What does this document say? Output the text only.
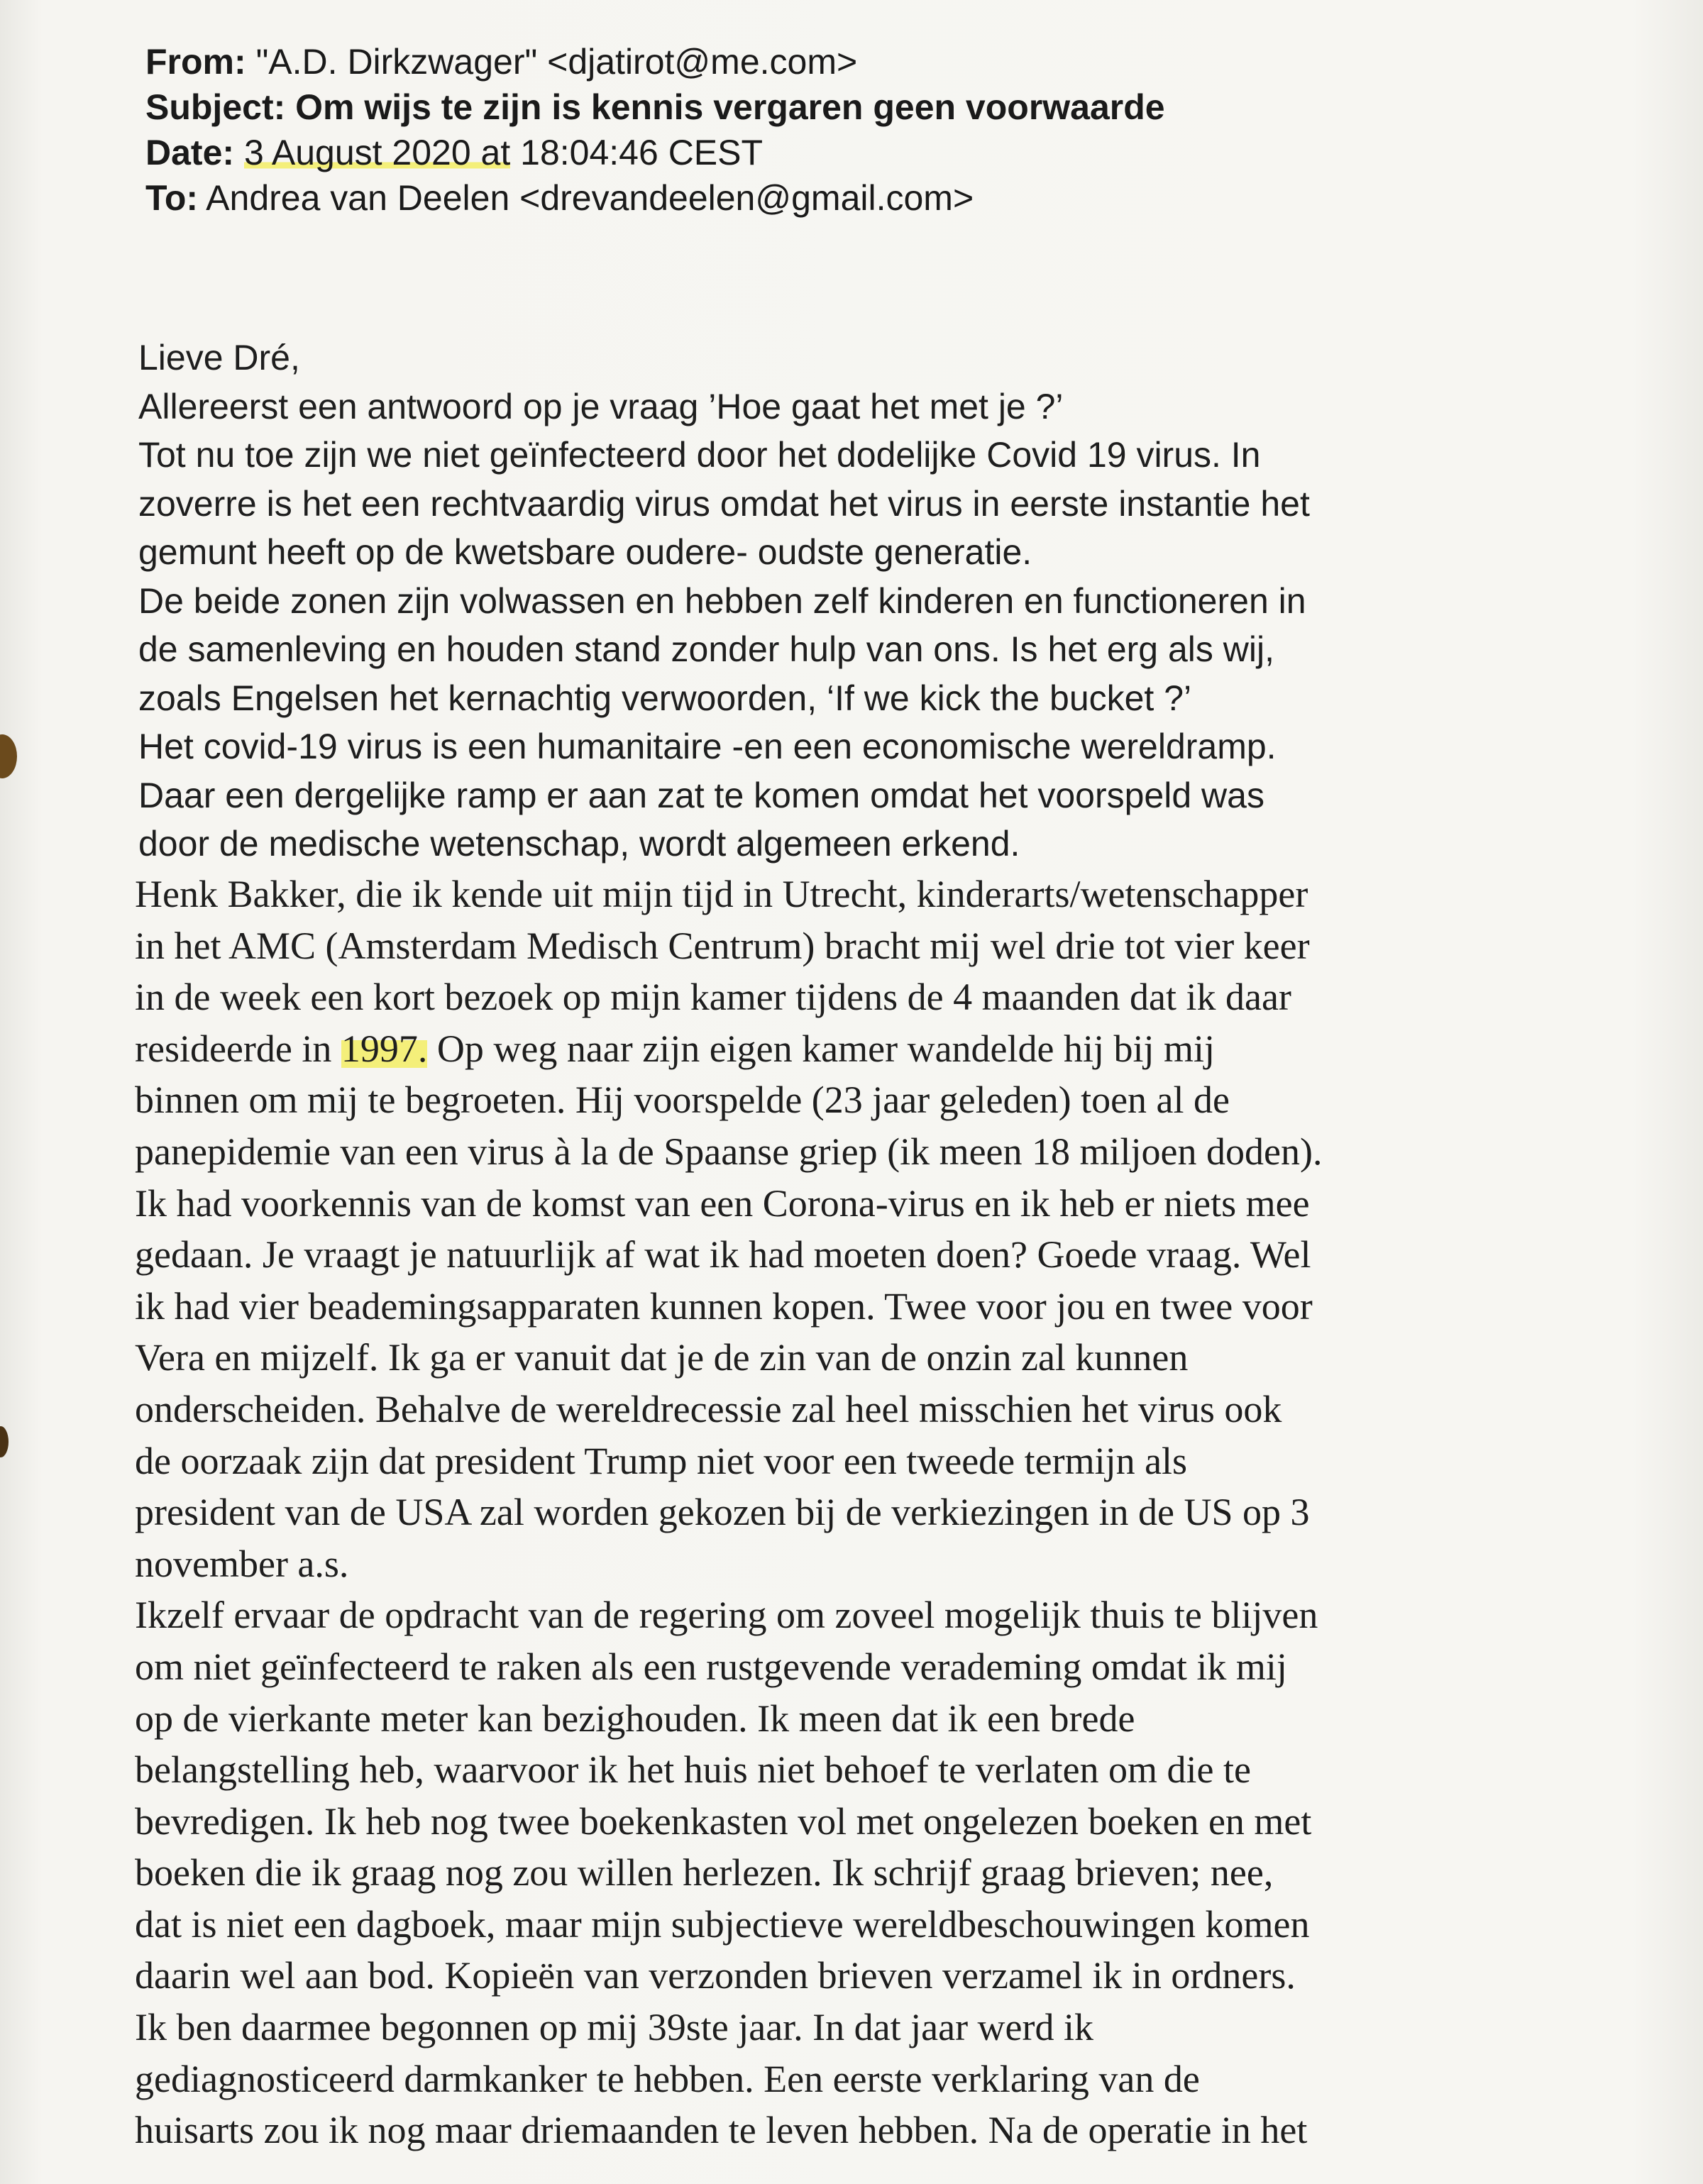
From: "A.D. Dirkzwager" <djatirot@me.com>
Subject: Om wijs te zijn is kennis vergaren geen voorwaarde
Date: 3 August 2020 at 18:04:46 CEST
To: Andrea van Deelen <drevandeelen@gmail.com>
Lieve Dré,
Allereerst een antwoord op je vraag ’Hoe gaat het met je ?’
Tot nu toe zijn we niet geïnfecteerd door het dodelijke Covid 19 virus. In
zoverre is het een rechtvaardig virus omdat het virus in eerste instantie het
gemunt heeft op de kwetsbare oudere- oudste generatie.
De beide zonen zijn volwassen en hebben zelf kinderen en functioneren in
de samenleving en houden stand zonder hulp van ons. Is het erg als wij,
zoals Engelsen het kernachtig verwoorden, ‘If we kick the bucket ?’
Het covid-19 virus is een humanitaire -en een economische wereldramp.
Daar een dergelijke ramp er aan zat te komen omdat het voorspeld was
door de medische wetenschap, wordt algemeen erkend.
Henk Bakker, die ik kende uit mijn tijd in Utrecht, kinderarts/wetenschapper
in het AMC (Amsterdam Medisch Centrum) bracht mij wel drie tot vier keer
in de week een kort bezoek op mijn kamer tijdens de 4 maanden dat ik daar
resideerde in 1997. Op weg naar zijn eigen kamer wandelde hij bij mij
binnen om mij te begroeten. Hij voorspelde (23 jaar geleden) toen al de
panepidemie van een virus à la de Spaanse griep (ik meen 18 miljoen doden).
Ik had voorkennis van de komst van een Corona-virus en ik heb er niets mee
gedaan. Je vraagt je natuurlijk af wat ik had moeten doen? Goede vraag. Wel
ik had vier beademingsapparaten kunnen kopen. Twee voor jou en twee voor
Vera en mijzelf. Ik ga er vanuit dat je de zin van de onzin zal kunnen
onderscheiden. Behalve de wereldrecessie zal heel misschien het virus ook
de oorzaak zijn dat president Trump niet voor een tweede termijn als
president van de USA zal worden gekozen bij de verkiezingen in de US op 3
november a.s.
Ikzelf ervaar de opdracht van de regering om zoveel mogelijk thuis te blijven
om niet geïnfecteerd te raken als een rustgevende verademing omdat ik mij
op de vierkante meter kan bezighouden. Ik meen dat ik een brede
belangstelling heb, waarvoor ik het huis niet behoef te verlaten om die te
bevredigen. Ik heb nog twee boekenkasten vol met ongelezen boeken en met
boeken die ik graag nog zou willen herlezen. Ik schrijf graag brieven; nee,
dat is niet een dagboek, maar mijn subjectieve wereldbeschouwingen komen
daarin wel aan bod. Kopieën van verzonden brieven verzamel ik in ordners.
Ik ben daarmee begonnen op mij 39ste jaar. In dat jaar werd ik
gediagnosticeerd darmkanker te hebben. Een eerste verklaring van de
huisarts zou ik nog maar driemaanden te leven hebben. Na de operatie in het
